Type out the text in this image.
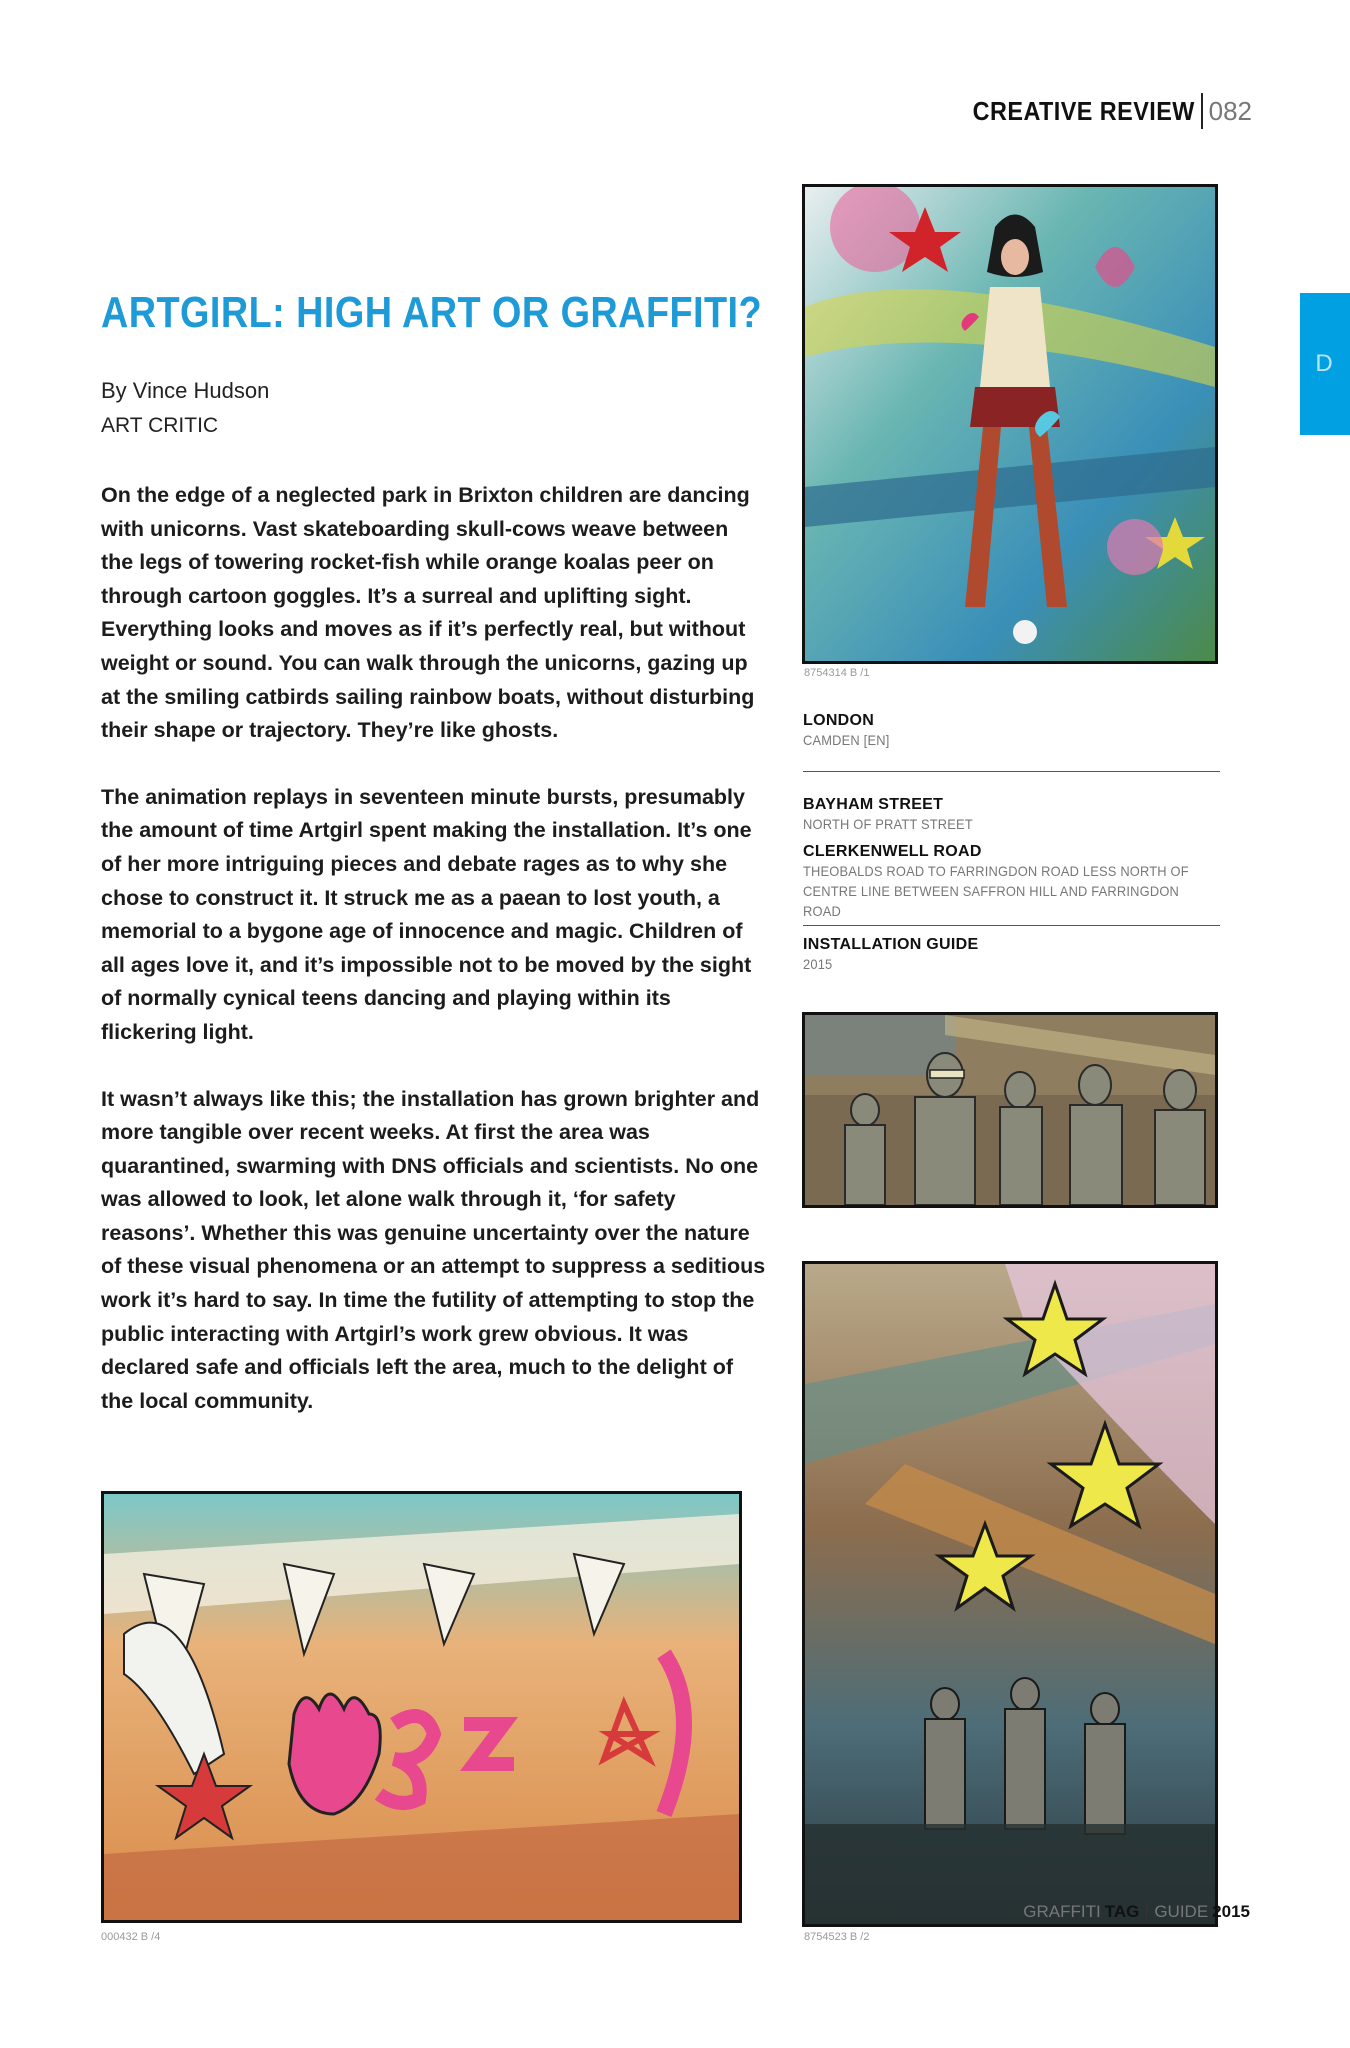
CREATIVE REVIEW 082
D
ARTGIRL: HIGH ART OR GRAFFITI?
By Vince Hudson
ART CRITIC

On the edge of a neglected park in Brixton children are dancing with unicorns. Vast skateboarding skull-cows weave between the legs of towering rocket-fish while orange koalas peer on through cartoon goggles. It’s a surreal and uplifting sight. Everything looks and moves as if it’s perfectly real, but without weight or sound. You can walk through the unicorns, gazing up at the smiling catbirds sailing rainbow boats, without disturbing their shape or trajectory. They’re like ghosts.

The animation replays in seventeen minute bursts, presumably the amount of time Artgirl spent making the installation. It’s one of her more intriguing pieces and debate rages as to why she chose to construct it. It struck me as a paean to lost youth, a memorial to a bygone age of innocence and magic. Children of all ages love it, and it’s impossible not to be moved by the sight of normally cynical teens dancing and playing within its flickering light.

It wasn’t always like this; the installation has grown brighter and more tangible over recent weeks. At first the area was quarantined, swarming with DNS officials and scientists. No one was allowed to look, let alone walk through it, ‘for safety reasons’. Whether this was genuine uncertainty over the nature of these visual phenomena or an attempt to suppress a seditious work it’s hard to say. In time the futility of attempting to stop the public interacting with Artgirl’s work grew obvious. It was declared safe and officials left the area, much to the delight of the local community.

8754314 B /1
LONDON
CAMDEN [EN]
BAYHAM STREET
NORTH OF PRATT STREET
CLERKENWELL ROAD
THEOBALDS ROAD TO FARRINGDON ROAD LESS NORTH OF CENTRE LINE BETWEEN SAFFRON HILL AND FARRINGDON ROAD
INSTALLATION GUIDE
2015
8754523 B /2
000432 B /4
GRAFFITI TAG GUIDE 2015
